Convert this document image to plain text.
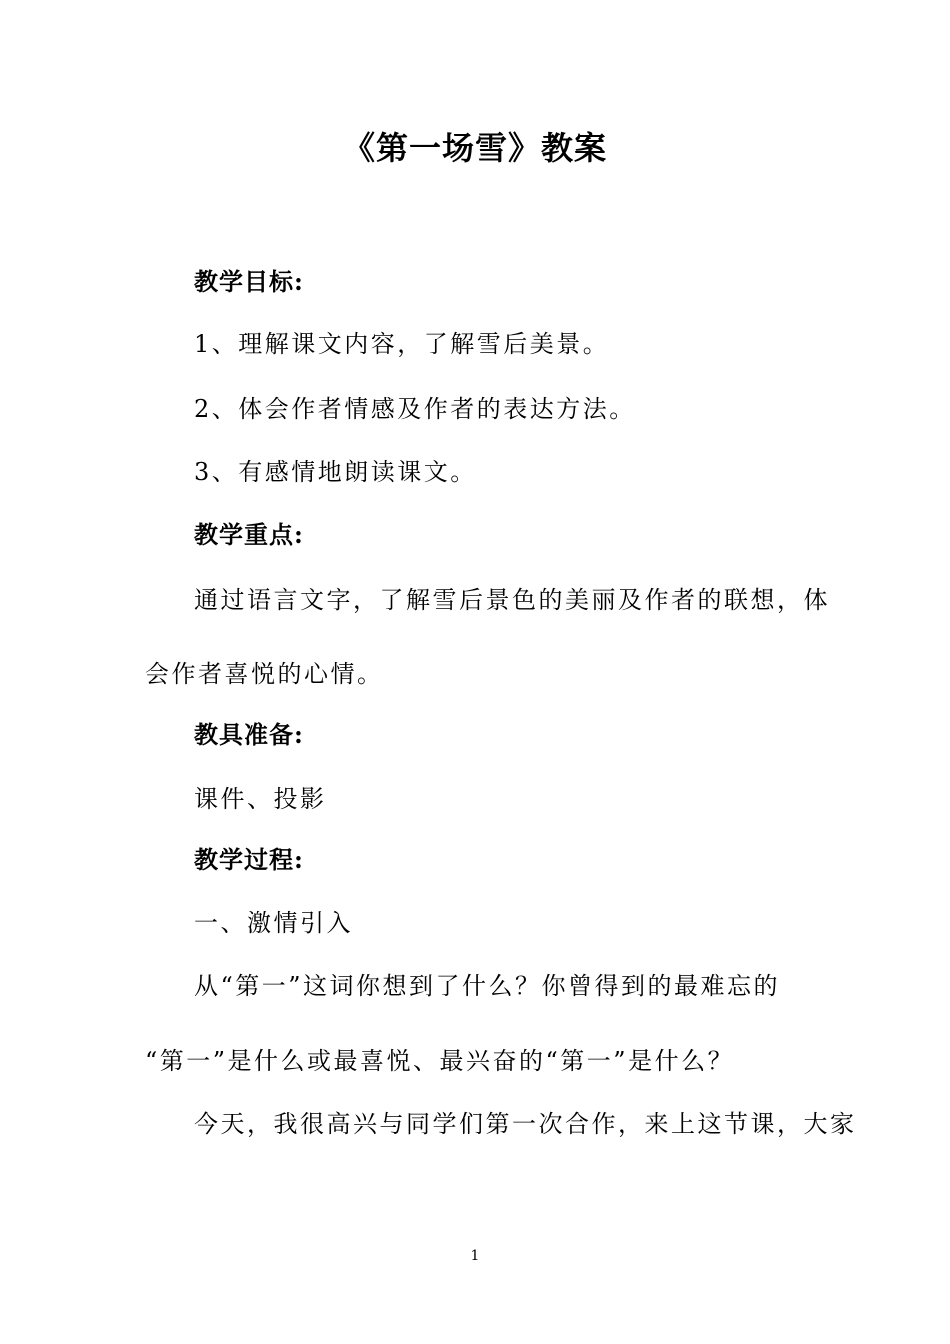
《第一场雪》教案
教学目标:
1、理解课文内容，了解雪后美景。
2、体会作者情感及作者的表达方法。
3、有感情地朗读课文。
教学重点:
通过语言文字，了解雪后景色的美丽及作者的联想，体
会作者喜悦的心情。
教具准备:
课件、投影
教学过程:
一、激情引入
从“第一”这词你想到了什么？你曾得到的最难忘的
“第一”是什么或最喜悦、最兴奋的“第一”是什么？
今天，我很高兴与同学们第一次合作，来上这节课，大家
1
